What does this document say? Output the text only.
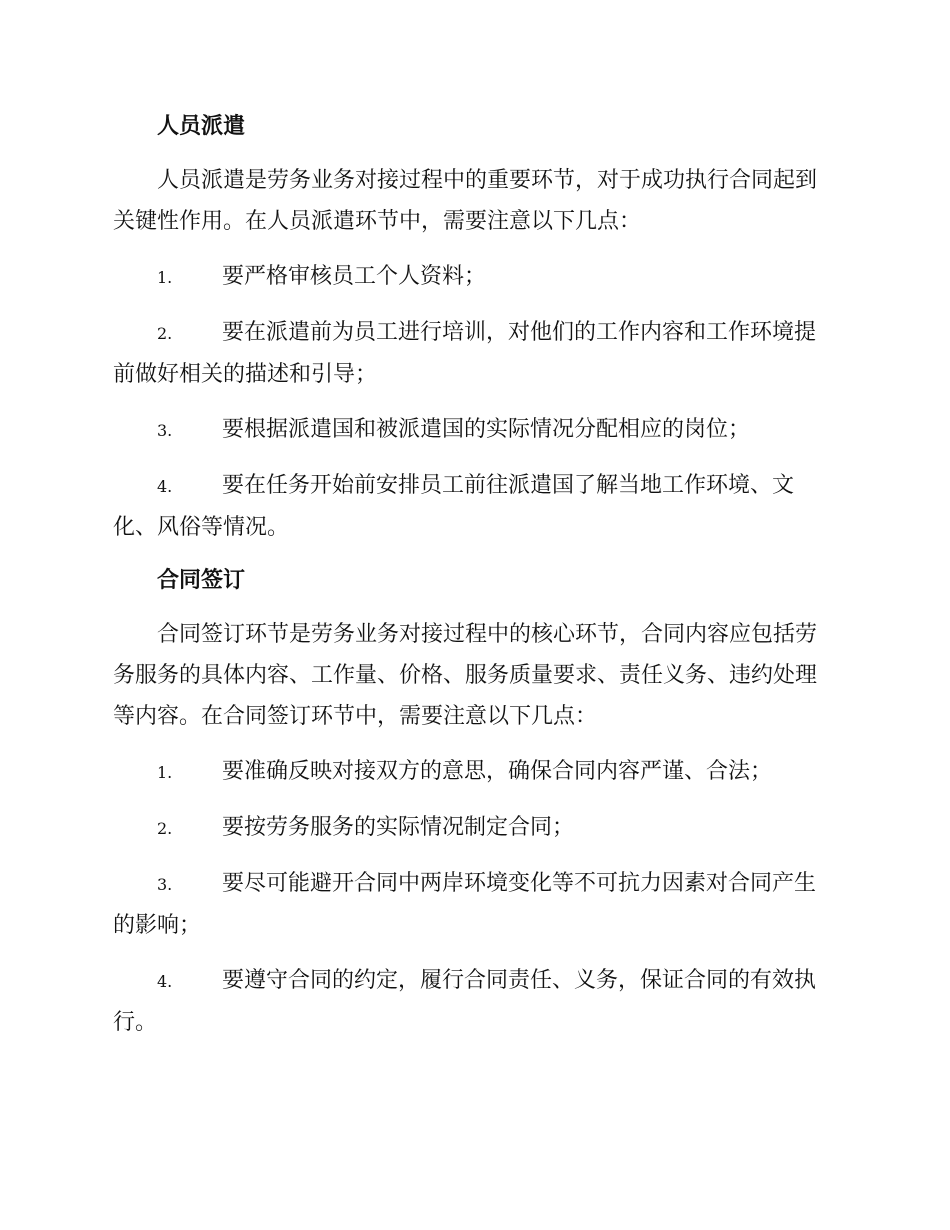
人员派遣

人员派遣是劳务业务对接过程中的重要环节，对于成功执行合同起到关键性作用。在人员派遣环节中，需要注意以下几点：

1. 要严格审核员工个人资料；

2. 要在派遣前为员工进行培训，对他们的工作内容和工作环境提前做好相关的描述和引导；

3. 要根据派遣国和被派遣国的实际情况分配相应的岗位；

4. 要在任务开始前安排员工前往派遣国了解当地工作环境、文化、风俗等情况。

合同签订

合同签订环节是劳务业务对接过程中的核心环节，合同内容应包括劳务服务的具体内容、工作量、价格、服务质量要求、责任义务、违约处理等内容。在合同签订环节中，需要注意以下几点：

1. 要准确反映对接双方的意思，确保合同内容严谨、合法；

2. 要按劳务服务的实际情况制定合同；

3. 要尽可能避开合同中两岸环境变化等不可抗力因素对合同产生的影响；

4. 要遵守合同的约定，履行合同责任、义务，保证合同的有效执行。
